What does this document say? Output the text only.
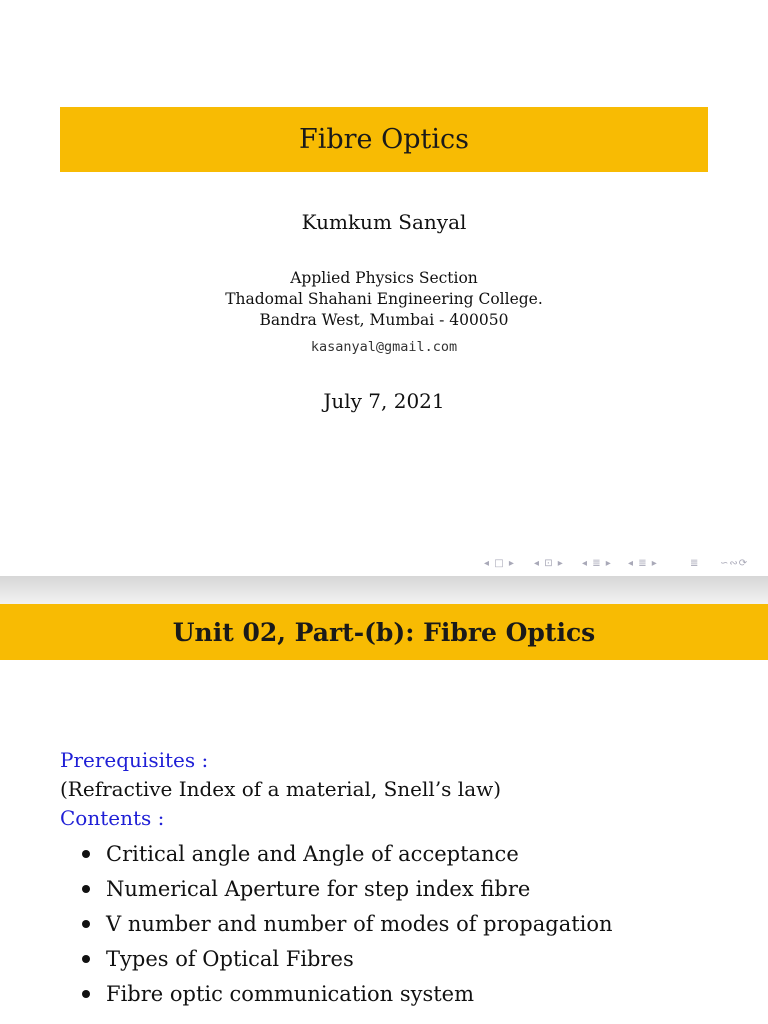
Fibre Optics
Kumkum Sanyal
Applied Physics Section
Thadomal Shahani Engineering College.
Bandra West, Mumbai - 400050
kasanyal@gmail.com
July 7, 2021
◂ □ ▸ ◂ ⊡ ▸ ◂ ≣ ▸ ◂ ≣ ▸	≣ ∽∾⟳
Unit 02, Part-(b): Fibre Optics
Prerequisites :
(Refractive Index of a material, Snell’s law)
Contents :
Critical angle and Angle of acceptance
Numerical Aperture for step index fibre
V number and number of modes of propagation
Types of Optical Fibres
Fibre optic communication system
